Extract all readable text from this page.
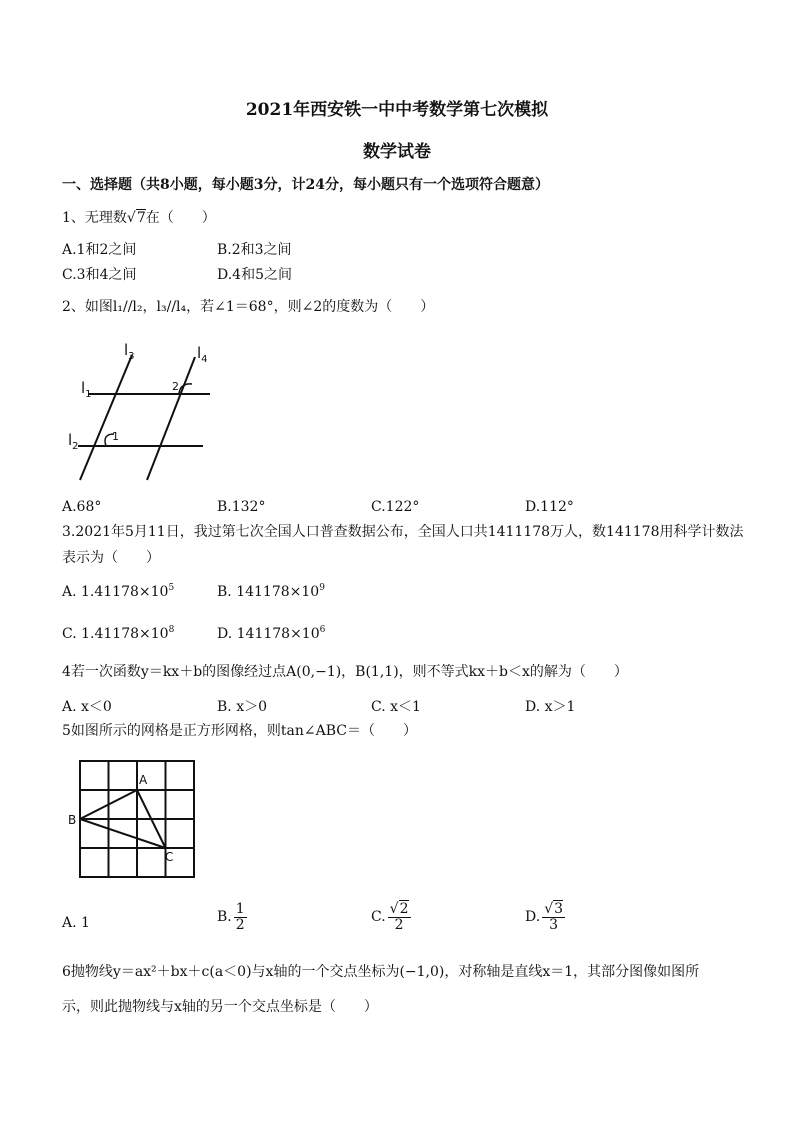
2021年西安铁一中中考数学第七次模拟
数学试卷
一、选择题（共8小题，每小题3分，计24分，每小题只有一个选项符合题意）
1、无理数√7在（　　）
A.1和2之间	B.2和3之间
C.3和4之间	D.4和5之间
2、如图l₁//l₂，l₃//l₄，若∠1＝68°，则∠2的度数为（　　）
$l_3$	$l_4$
$l_1$
$l_2$
1
2
A.68°	B.132°	C.122°	D.112°
3.2021年5月11日，我过第七次全国人口普查数据公布，全国人口共1411178万人，数141178用科学计数法
表示为（　　）
A. $1.41178\times 10^5$	B. $141178\times 10^9$
C. $1.41178\times 10^8$	D. $141178\times 10^6$
4若一次函数y＝kx＋b的图像经过点A(0,−1)，B(1,1)，则不等式kx＋b＜x的解为（　　）
A. x＜0	B. x＞0	C. x＜1	D. x＞1
5如图所示的网格是正方形网格，则tan∠ABC＝（　　）
A
B
C
A. 1	B. $\frac{1}{2}$	C. $\frac{√2}{2}$	D. $\frac{√3}{3}$
6抛物线y＝ax²＋bx＋c(a＜0)与x轴的一个交点坐标为(−1,0)，对称轴是直线x＝1，其部分图像如图所
示，则此抛物线与x轴的另一个交点坐标是（　　）
